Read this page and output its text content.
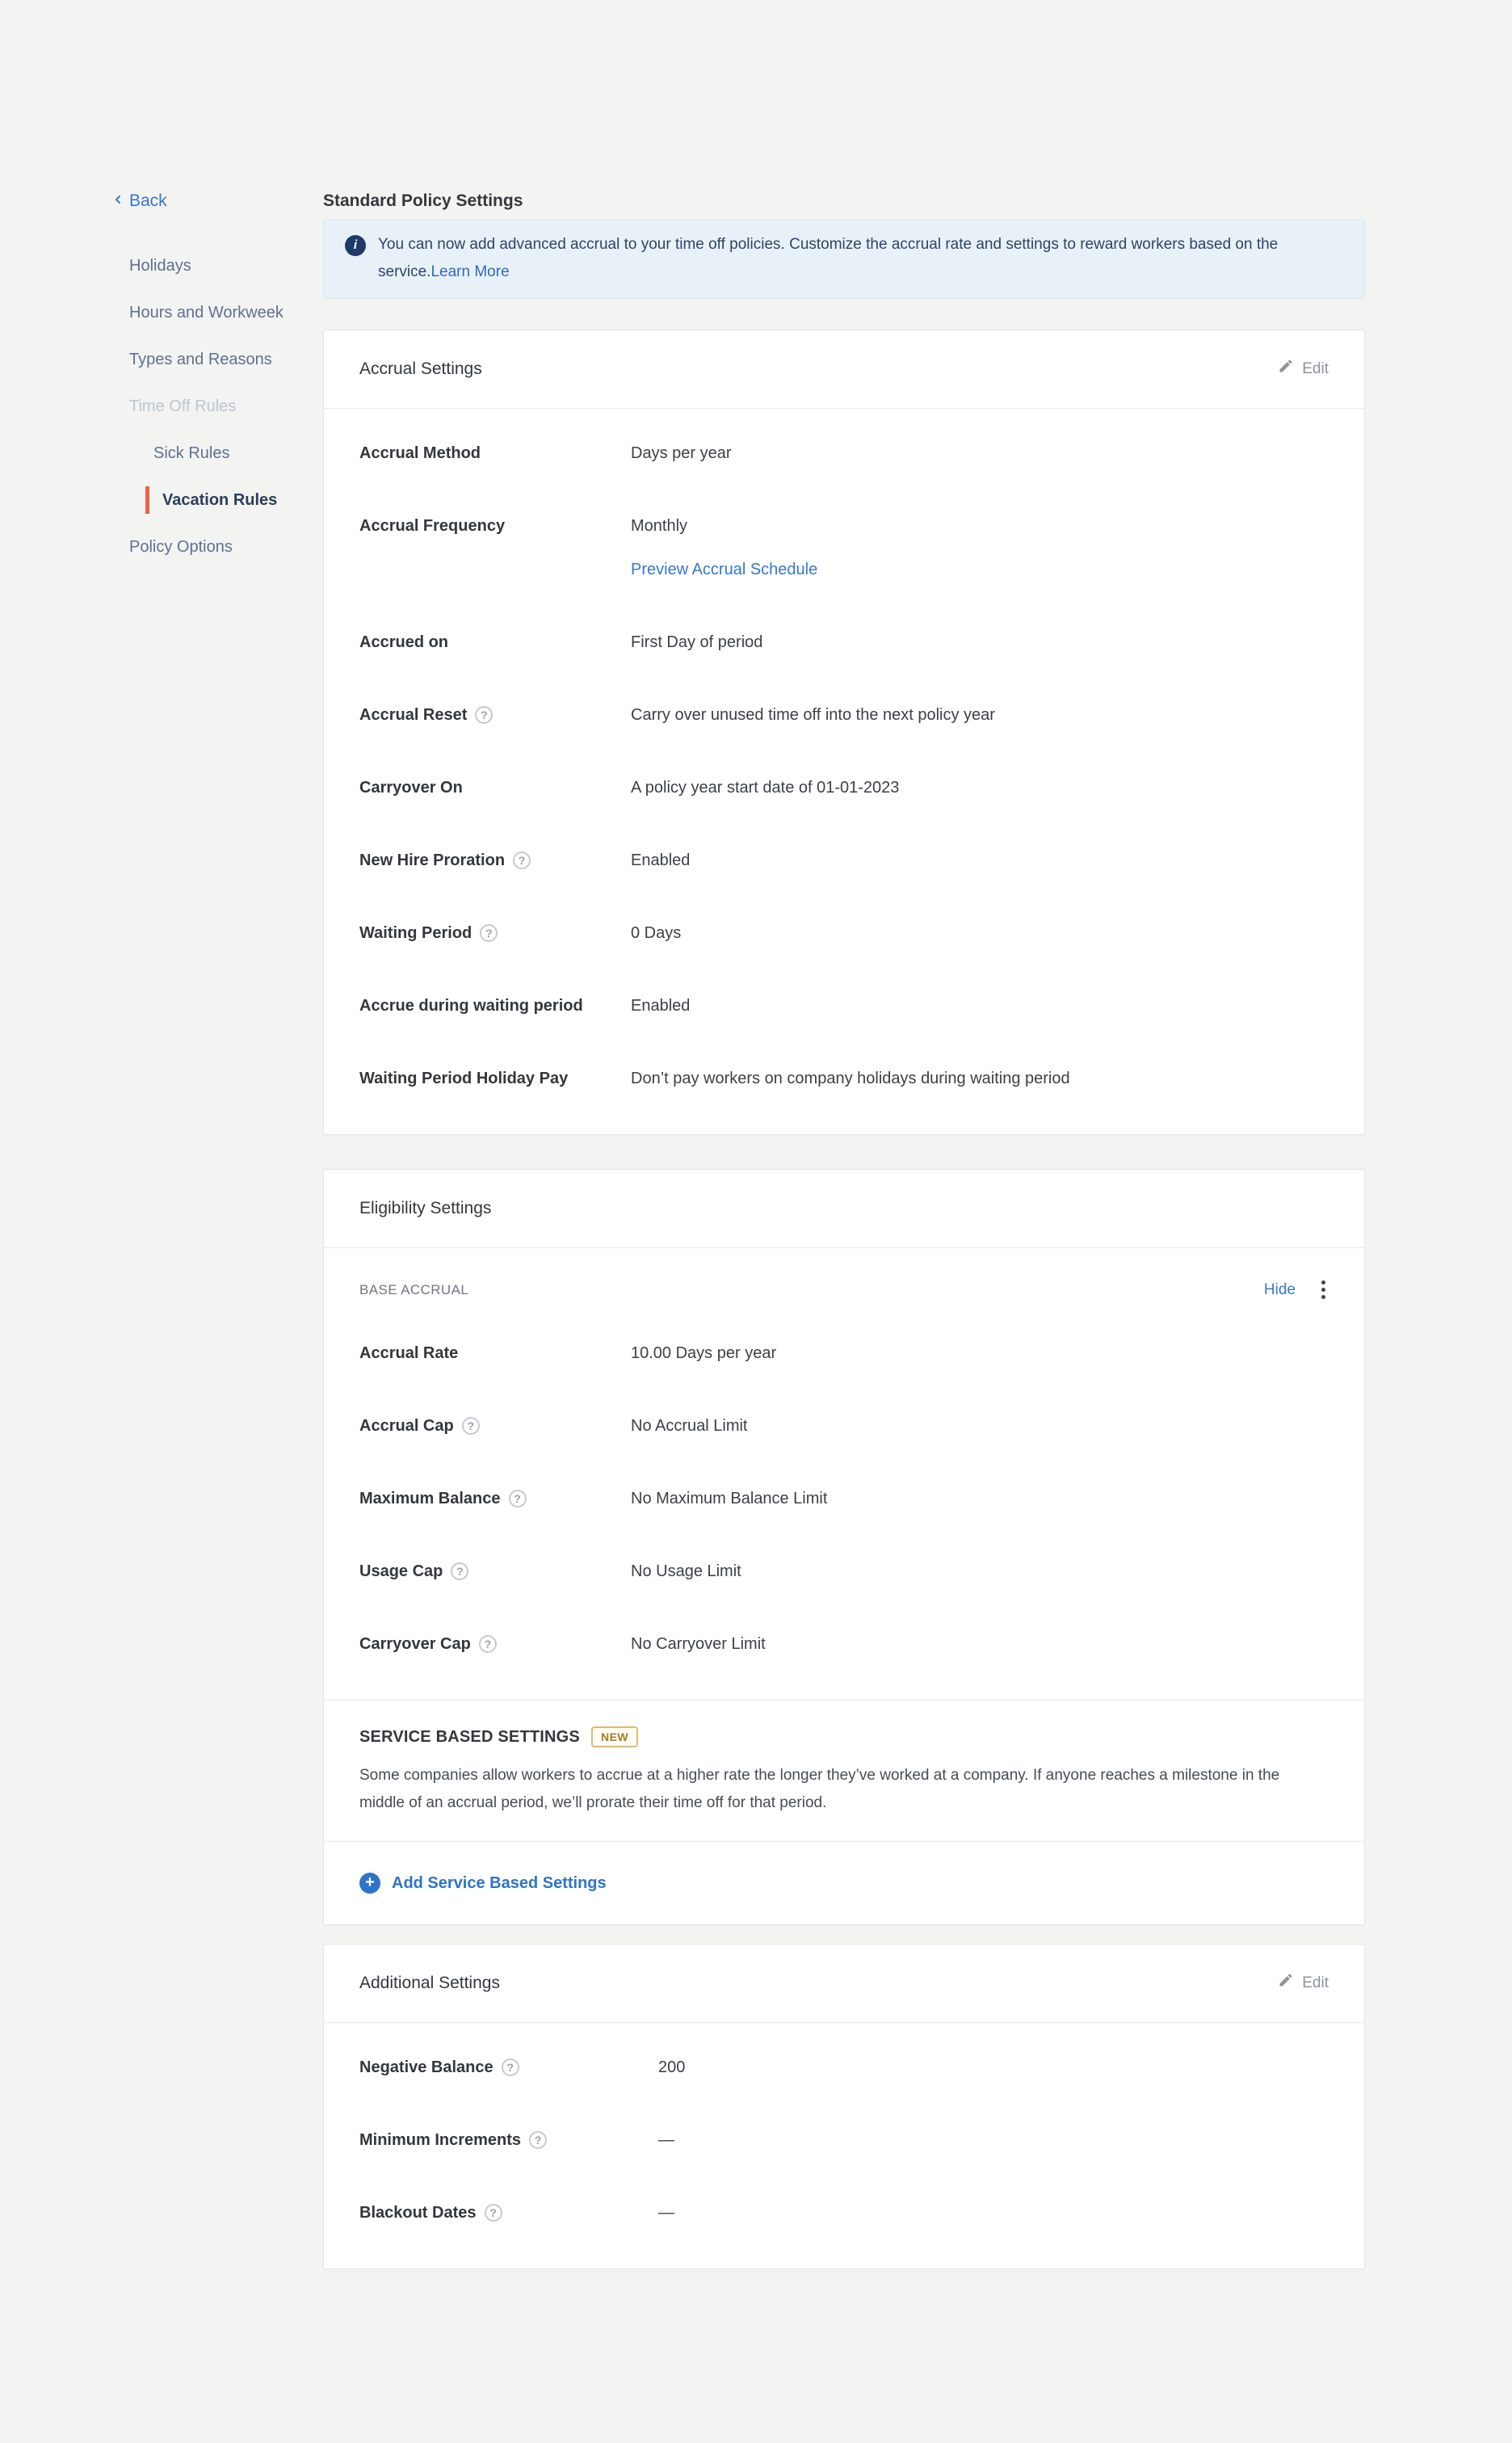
Back	Standard Policy Settings
Holidays
Hours and Workweek
Types and Reasons
Time Off Rules
Sick Rules
Vacation Rules
Policy Options
i	You can now add advanced accrual to your time off policies. Customize the accrual rate and settings to reward workers based on the service.Learn More
Accrual Settings	Edit
Accrual Method	Days per year
Accrual Frequency	Monthly
Preview Accrual Schedule
Accrued on	First Day of period
Accrual Reset ?	Carry over unused time off into the next policy year
Carryover On	A policy year start date of 01-01-2023
New Hire Proration ?	Enabled
Waiting Period ?	0 Days
Accrue during waiting period	Enabled
Waiting Period Holiday Pay	Don’t pay workers on company holidays during waiting period
Eligibility Settings
BASE ACCRUAL	Hide
Accrual Rate	10.00 Days per year
Accrual Cap ?	No Accrual Limit
Maximum Balance ?	No Maximum Balance Limit
Usage Cap ?	No Usage Limit
Carryover Cap ?	No Carryover Limit
SERVICE BASED SETTINGS	NEW
Some companies allow workers to accrue at a higher rate the longer they’ve worked at a company. If anyone reaches a milestone in the middle of an accrual period, we’ll prorate their time off for that period.
+	Add Service Based Settings
Additional Settings	Edit
Negative Balance ?	200
Minimum Increments ?	—
Blackout Dates ?	—
